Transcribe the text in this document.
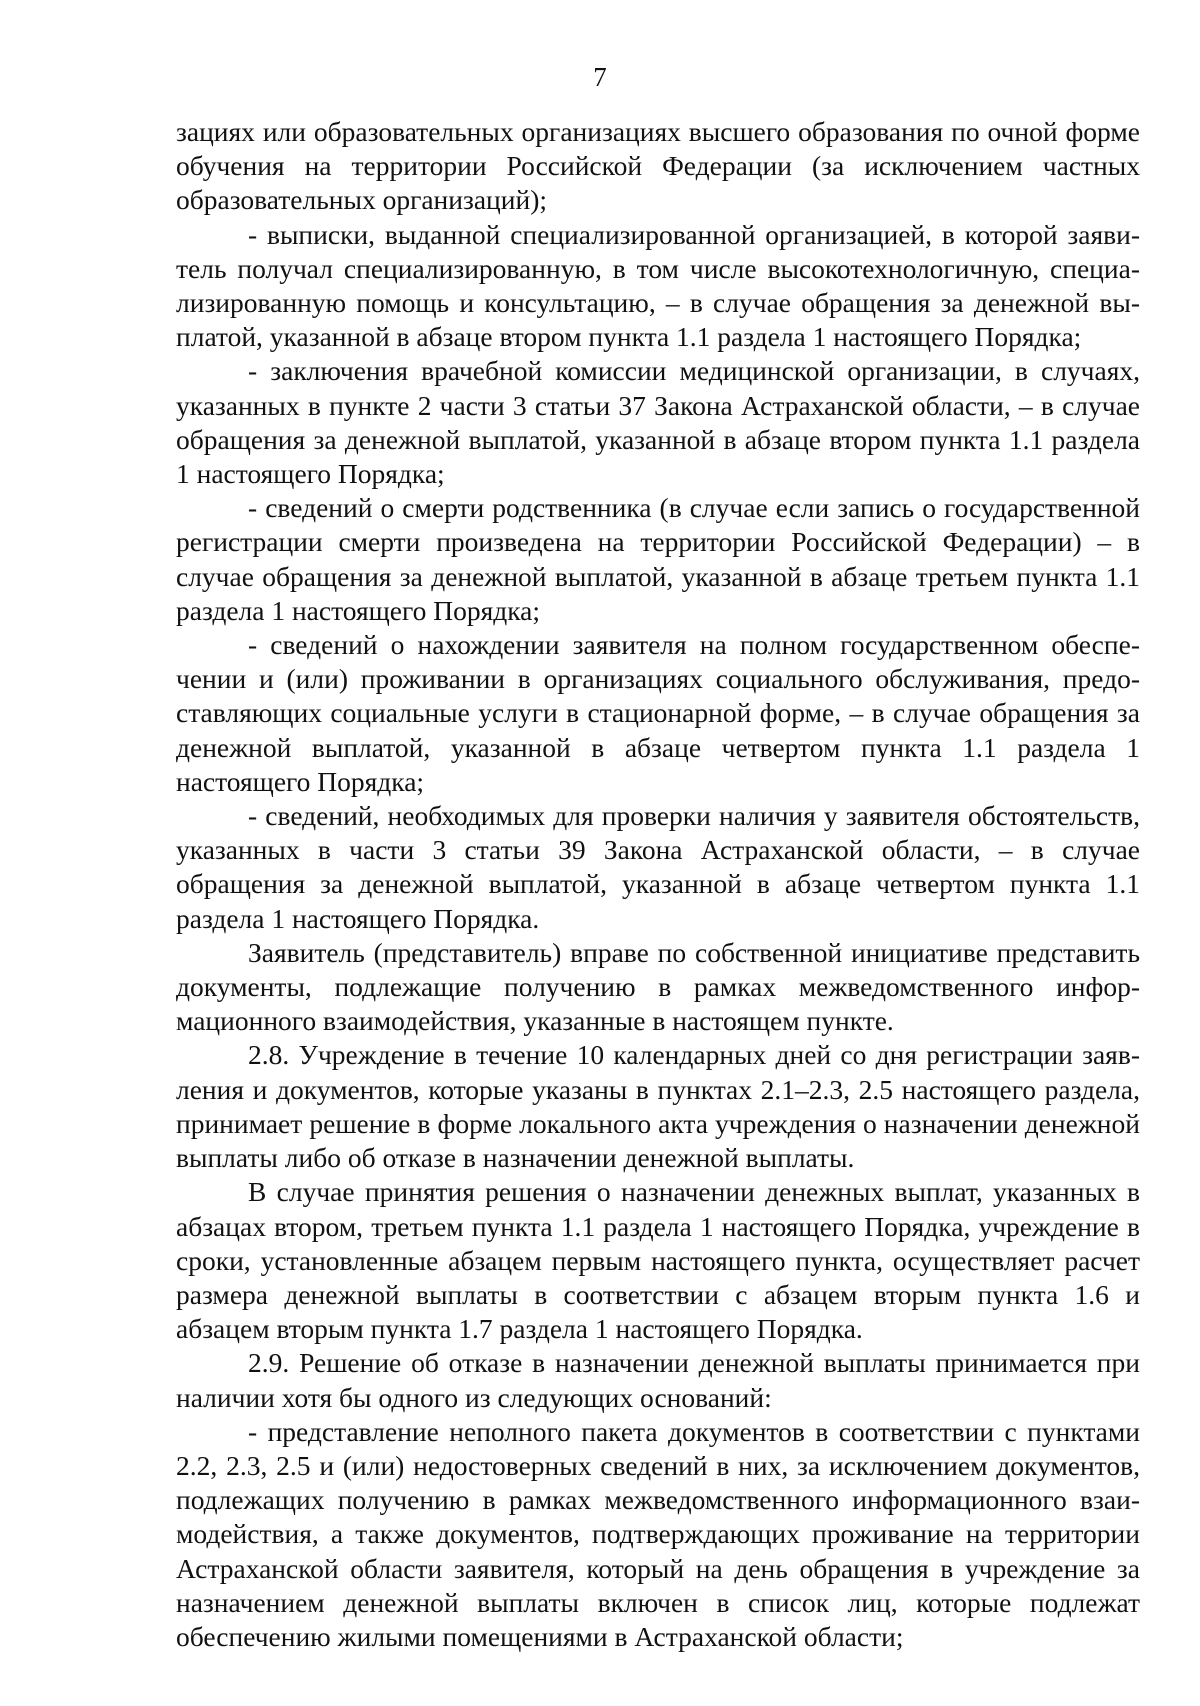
7

зациях или образовательных организациях высшего образования по очной форме обучения на территории Российской Федерации (за исключением частных образовательных организаций);

- выписки, выданной специализированной организацией, в которой заявитель получал специализированную, в том числе высокотехнологичную, специализированную помощь и консультацию, – в случае обращения за денежной выплатой, указанной в абзаце втором пункта 1.1 раздела 1 настоящего Порядка;

- заключения врачебной комиссии медицинской организации, в случаях, указанных в пункте 2 части 3 статьи 37 Закона Астраханской области, – в случае обращения за денежной выплатой, указанной в абзаце втором пункта 1.1 раздела 1 настоящего Порядка;

- сведений о смерти родственника (в случае если запись о государственной регистрации смерти произведена на территории Российской Федерации) – в случае обращения за денежной выплатой, указанной в абзаце третьем пункта 1.1 раздела 1 настоящего Порядка;

- сведений о нахождении заявителя на полном государственном обеспечении и (или) проживании в организациях социального обслуживания, предоставляющих социальные услуги в стационарной форме, – в случае обращения за денежной выплатой, указанной в абзаце четвертом пункта 1.1 раздела 1 настоящего Порядка;

- сведений, необходимых для проверки наличия у заявителя обстоятельств, указанных в части 3 статьи 39 Закона Астраханской области, – в случае обращения за денежной выплатой, указанной в абзаце четвертом пункта 1.1 раздела 1 настоящего Порядка.

Заявитель (представитель) вправе по собственной инициативе представить документы, подлежащие получению в рамках межведомственного информационного взаимодействия, указанные в настоящем пункте.

2.8. Учреждение в течение 10 календарных дней со дня регистрации заявления и документов, которые указаны в пунктах 2.1–2.3, 2.5 настоящего раздела, принимает решение в форме локального акта учреждения о назначении денежной выплаты либо об отказе в назначении денежной выплаты.

В случае принятия решения о назначении денежных выплат, указанных в абзацах втором, третьем пункта 1.1 раздела 1 настоящего Порядка, учреждение в сроки, установленные абзацем первым настоящего пункта, осуществляет расчет размера денежной выплаты в соответствии с абзацем вторым пункта 1.6 и абзацем вторым пункта 1.7 раздела 1 настоящего Порядка.

2.9. Решение об отказе в назначении денежной выплаты принимается при наличии хотя бы одного из следующих оснований:

- представление неполного пакета документов в соответствии с пунктами 2.2, 2.3, 2.5 и (или) недостоверных сведений в них, за исключением документов, подлежащих получению в рамках межведомственного информационного взаимодействия, а также документов, подтверждающих проживание на территории Астраханской области заявителя, который на день обращения в учреждение за назначением денежной выплаты включен в список лиц, которые подлежат обеспечению жилыми помещениями в Астраханской области;
